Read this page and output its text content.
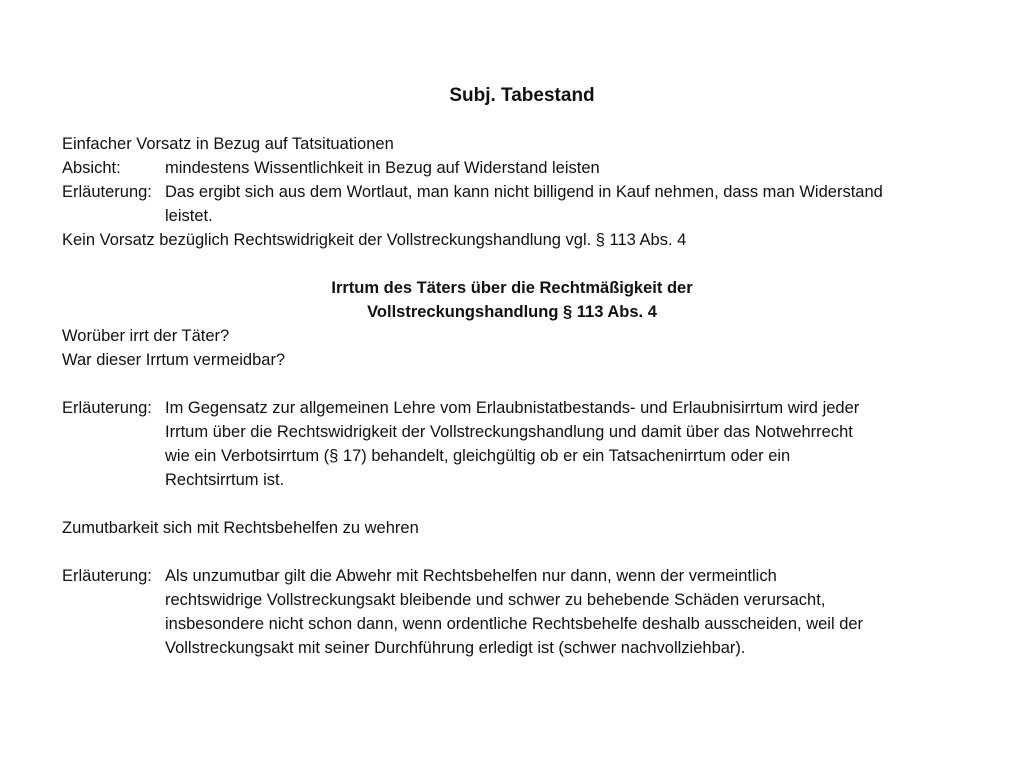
Subj. Tabestand
Einfacher Vorsatz in Bezug auf Tatsituationen
Absicht:	mindestens Wissentlichkeit in Bezug auf Widerstand leisten
Erläuterung: Das ergibt sich aus dem Wortlaut, man kann nicht billigend in Kauf nehmen, dass man Widerstand
leistet.
Kein Vorsatz bezüglich Rechtswidrigkeit der Vollstreckungshandlung vgl. § 113 Abs. 4
Irrtum des Täters über die Rechtmäßigkeit der
Vollstreckungshandlung § 113 Abs. 4
Worüber irrt der Täter?
War dieser Irrtum vermeidbar?
Erläuterung: Im Gegensatz zur allgemeinen Lehre vom Erlaubnistatbestands- und Erlaubnisirrtum wird jeder
Irrtum über die Rechtswidrigkeit der Vollstreckungshandlung und damit über das Notwehrrecht
wie ein Verbotsirrtum (§ 17) behandelt, gleichgültig ob er ein Tatsachenirrtum oder ein
Rechtsirrtum ist.
Zumutbarkeit sich mit Rechtsbehelfen zu wehren
Erläuterung: Als unzumutbar gilt die Abwehr mit Rechtsbehelfen nur dann, wenn der vermeintlich
rechtswidrige Vollstreckungsakt bleibende und schwer zu behebende Schäden verursacht,
insbesondere nicht schon dann, wenn ordentliche Rechtsbehelfe deshalb ausscheiden, weil der
Vollstreckungsakt mit seiner Durchführung erledigt ist (schwer nachvollziehbar).
